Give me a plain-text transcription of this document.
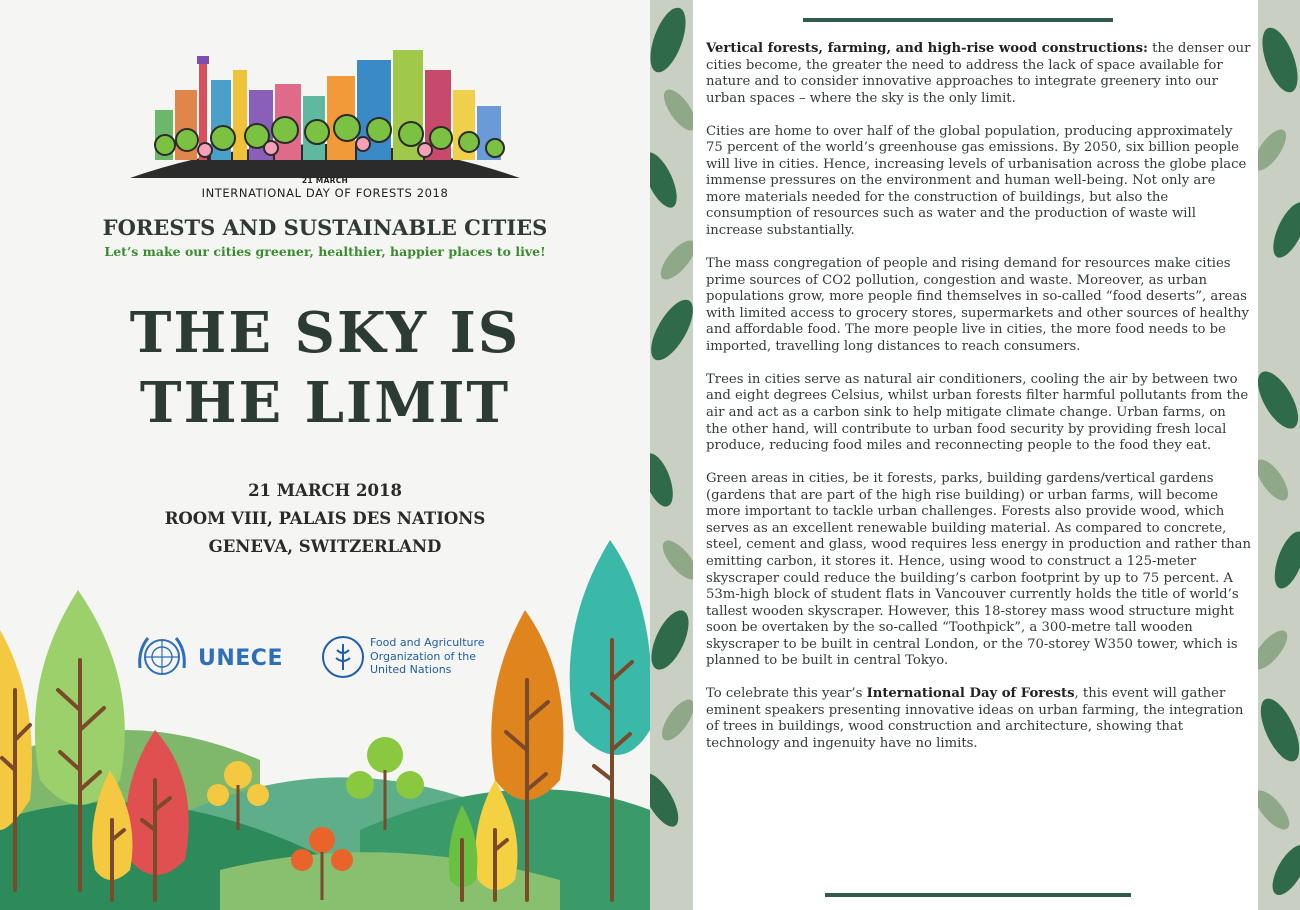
21 MARCH
INTERNATIONAL DAY OF FORESTS 2018
FORESTS AND SUSTAINABLE CITIES
Let’s make our cities greener, healthier, happier places to live!
THE SKY IS
THE LIMIT
21 MARCH 2018
ROOM VIII, PALAIS DES NATIONS
GENEVA, SWITZERLAND
UNECE
Food and Agriculture
Organization of the
United Nations

Vertical forests, farming, and high-rise wood constructions: the denser our cities become, the greater the need to address the lack of space available for nature and to consider innovative approaches to integrate greenery into our urban spaces – where the sky is the only limit.

Cities are home to over half of the global population, producing approximately 75 percent of the world’s greenhouse gas emissions. By 2050, six billion people will live in cities. Hence, increasing levels of urbanisation across the globe place immense pressures on the environment and human well-being. Not only are more materials needed for the construction of buildings, but also the consumption of resources such as water and the production of waste will increase substantially.

The mass congregation of people and rising demand for resources make cities prime sources of CO2 pollution, congestion and waste. Moreover, as urban populations grow, more people find themselves in so-called “food deserts”, areas with limited access to grocery stores, supermarkets and other sources of healthy and affordable food. The more people live in cities, the more food needs to be imported, travelling long distances to reach consumers.

Trees in cities serve as natural air conditioners, cooling the air by between two and eight degrees Celsius, whilst urban forests filter harmful pollutants from the air and act as a carbon sink to help mitigate climate change. Urban farms, on the other hand, will contribute to urban food security by providing fresh local produce, reducing food miles and reconnecting people to the food they eat.

Green areas in cities, be it forests, parks, building gardens/vertical gardens (gardens that are part of the high rise building) or urban farms, will become more important to tackle urban challenges. Forests also provide wood, which serves as an excellent renewable building material. As compared to concrete, steel, cement and glass, wood requires less energy in production and rather than emitting carbon, it stores it. Hence, using wood to construct a 125-meter skyscraper could reduce the building’s carbon footprint by up to 75 percent. A 53m-high block of student flats in Vancouver currently holds the title of world’s tallest wooden skyscraper. However, this 18-storey mass wood structure might soon be overtaken by the so-called “Toothpick”, a 300-metre tall wooden skyscraper to be built in central London, or the 70-storey W350 tower, which is planned to be built in central Tokyo.

To celebrate this year’s International Day of Forests, this event will gather eminent speakers presenting innovative ideas on urban farming, the integration of trees in buildings, wood construction and architecture, showing that technology and ingenuity have no limits.
